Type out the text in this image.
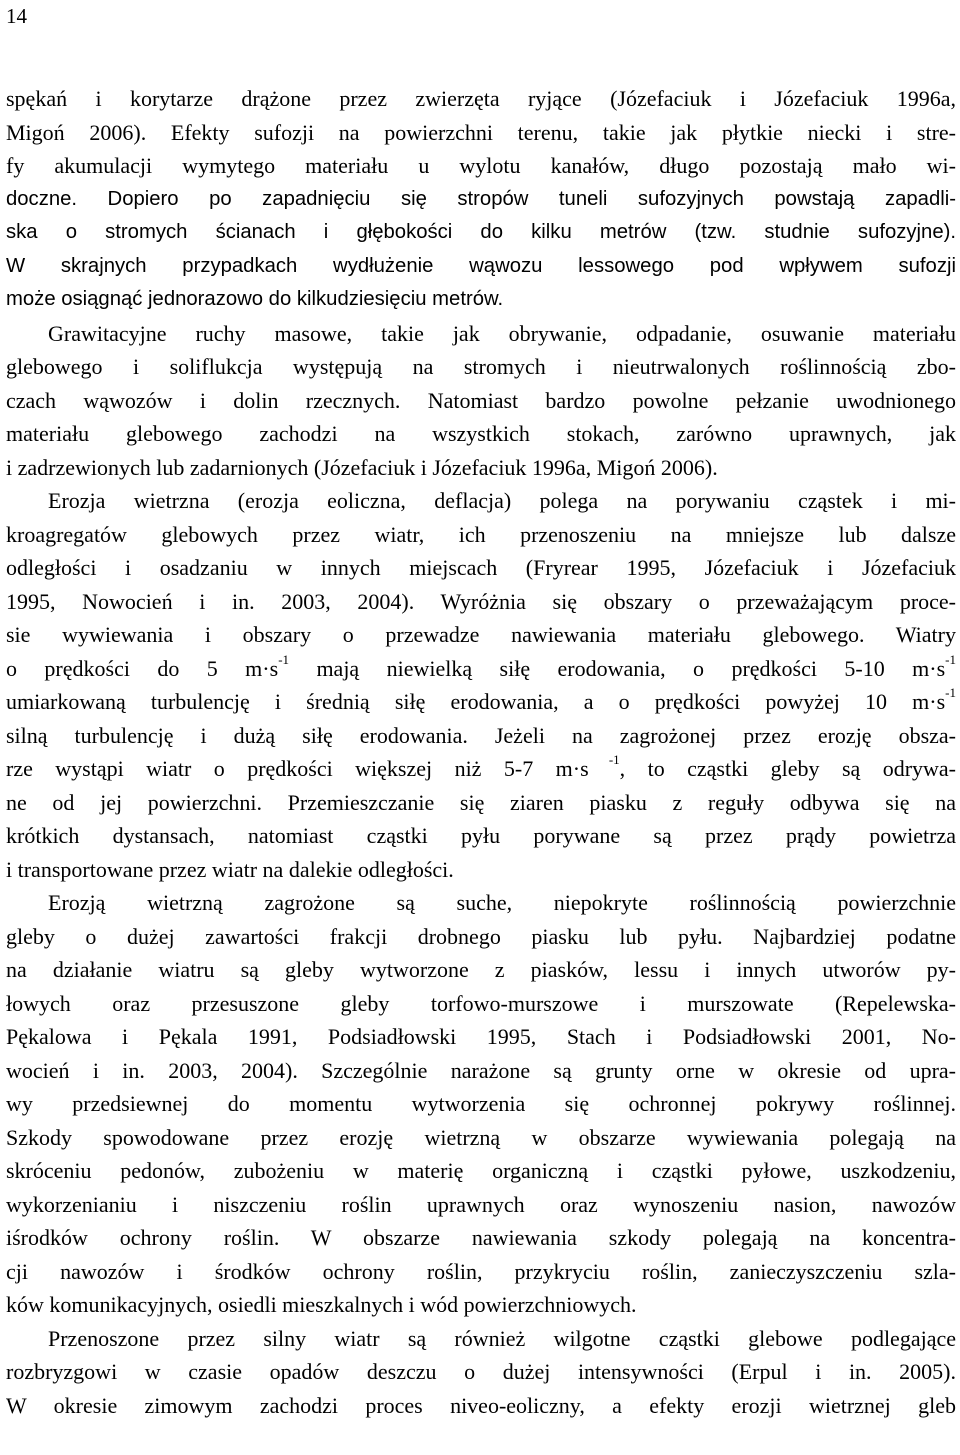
14
spękań i korytarze drążone przez zwierzęta ryjące (Józefaciuk i Józefaciuk 1996a,
Migoń 2006). Efekty sufozji na powierzchni terenu, takie jak płytkie niecki i stre-
fy akumulacji wymytego materiału u wylotu kanałów, długo pozostają mało wi-
doczne. Dopiero po zapadnięciu się stropów tuneli sufozyjnych powstają zapadli-
ska o stromych ścianach i głębokości do kilku metrów (tzw. studnie sufozyjne).
W skrajnych przypadkach wydłużenie wąwozu lessowego pod wpływem sufozji
może osiągnąć jednorazowo do kilkudziesięciu metrów.
Grawitacyjne ruchy masowe, takie jak obrywanie, odpadanie, osuwanie materiału
glebowego i soliflukcja występują na stromych i nieutrwalonych roślinnością zbo-
czach wąwozów i dolin rzecznych. Natomiast bardzo powolne pełzanie uwodnionego
materiału glebowego zachodzi na wszystkich stokach, zarówno uprawnych, jak
i zadrzewionych lub zadarnionych (Józefaciuk i Józefaciuk 1996a, Migoń 2006).
Erozja wietrzna (erozja eoliczna, deflacja) polega na porywaniu cząstek i mi-
kroagregatów glebowych przez wiatr, ich przenoszeniu na mniejsze lub dalsze
odległości i osadzaniu w innych miejscach (Fryrear 1995, Józefaciuk i Józefaciuk
1995, Nowocień i in. 2003, 2004). Wyróżnia się obszary o przeważającym proce-
sie wywiewania i obszary o przewadze nawiewania materiału glebowego. Wiatry
o prędkości do 5 $m\cdot s^{-1}$ mają niewielką siłę erodowania, o prędkości 5-10 $m\cdot s^{-1}$
umiarkowaną turbulencję i średnią siłę erodowania, a o prędkości powyżej 10 $m\cdot s^{-1}$
silną turbulencję i dużą siłę erodowania. Jeżeli na zagrożonej przez erozję obsza-
rze wystąpi wiatr o prędkości większej niż 5-7 m·s $^{-1}$, to cząstki gleby są odrywa-
ne od jej powierzchni. Przemieszczanie się ziaren piasku z reguły odbywa się na
krótkich dystansach, natomiast cząstki pyłu porywane są przez prądy powietrza
i transportowane przez wiatr na dalekie odległości.
Erozją wietrzną zagrożone są suche, niepokryte roślinnością powierzchnie
gleby o dużej zawartości frakcji drobnego piasku lub pyłu. Najbardziej podatne
na działanie wiatru są gleby wytworzone z piasków, lessu i innych utworów py-
łowych oraz przesuszone gleby torfowo-murszowe i murszowate (Repelewska-
Pękalowa i Pękala 1991, Podsiadłowski 1995, Stach i Podsiadłowski 2001, No-
wocień i in. 2003, 2004). Szczególnie narażone są grunty orne w okresie od upra-
wy przedsiewnej do momentu wytworzenia się ochronnej pokrywy roślinnej.
Szkody spowodowane przez erozję wietrzną w obszarze wywiewania polegają na
skróceniu pedonów, zubożeniu w materię organiczną i cząstki pyłowe, uszkodzeniu,
wykorzenianiu i niszczeniu roślin uprawnych oraz wynoszeniu nasion, nawozów
iśrodków ochrony roślin. W obszarze nawiewania szkody polegają na koncentra-
cji nawozów i środków ochrony roślin, przykryciu roślin, zanieczyszczeniu szla-
ków komunikacyjnych, osiedli mieszkalnych i wód powierzchniowych.
Przenoszone przez silny wiatr są również wilgotne cząstki glebowe podlegające
rozbryzgowi w czasie opadów deszczu o dużej intensywności (Erpul i in. 2005).
W okresie zimowym zachodzi proces niveo-eoliczny, a efekty erozji wietrznej gleb
